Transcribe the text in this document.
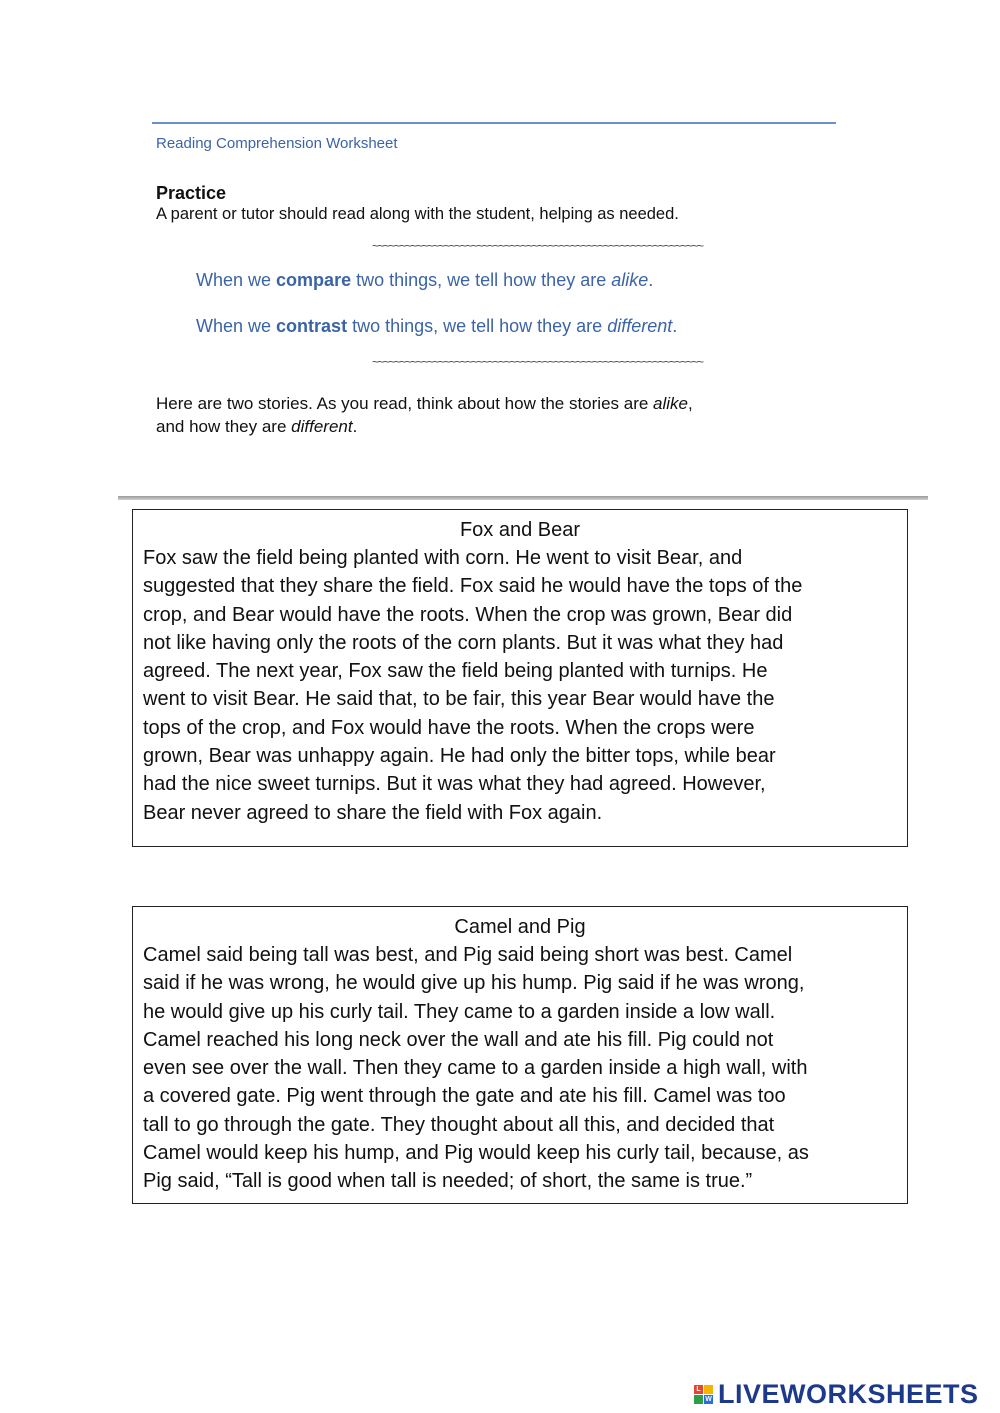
Reading Comprehension Worksheet
Practice
A parent or tutor should read along with the student, helping as needed.
~~~~~~~~~~~~~~~~~~~~~~~~~~~~~~~~~~~~~~~~~~~~~~~~~~~~~~~~~~~~
When we compare two things, we tell how they are alike.
When we contrast two things, we tell how they are different.
~~~~~~~~~~~~~~~~~~~~~~~~~~~~~~~~~~~~~~~~~~~~~~~~~~~~~~~~~~~~
Here are two stories. As you read, think about how the stories are alike,
and how they are different.
Fox and Bear
Fox saw the field being planted with corn. He went to visit Bear, and
suggested that they share the field. Fox said he would have the tops of the
crop, and Bear would have the roots. When the crop was grown, Bear did
not like having only the roots of the corn plants. But it was what they had
agreed. The next year, Fox saw the field being planted with turnips. He
went to visit Bear. He said that, to be fair, this year Bear would have the
tops of the crop, and Fox would have the roots. When the crops were
grown, Bear was unhappy again. He had only the bitter tops, while bear
had the nice sweet turnips. But it was what they had agreed. However,
Bear never agreed to share the field with Fox again.
Camel and Pig
Camel said being tall was best, and Pig said being short was best. Camel
said if he was wrong, he would give up his hump. Pig said if he was wrong,
he would give up his curly tail. They came to a garden inside a low wall.
Camel reached his long neck over the wall and ate his fill. Pig could not
even see over the wall. Then they came to a garden inside a high wall, with
a covered gate. Pig went through the gate and ate his fill. Camel was too
tall to go through the gate. They thought about all this, and decided that
Camel would keep his hump, and Pig would keep his curly tail, because, as
Pig said, “Tall is good when tall is needed; of short, the same is true.”
L
W LIVEWORKSHEETS
